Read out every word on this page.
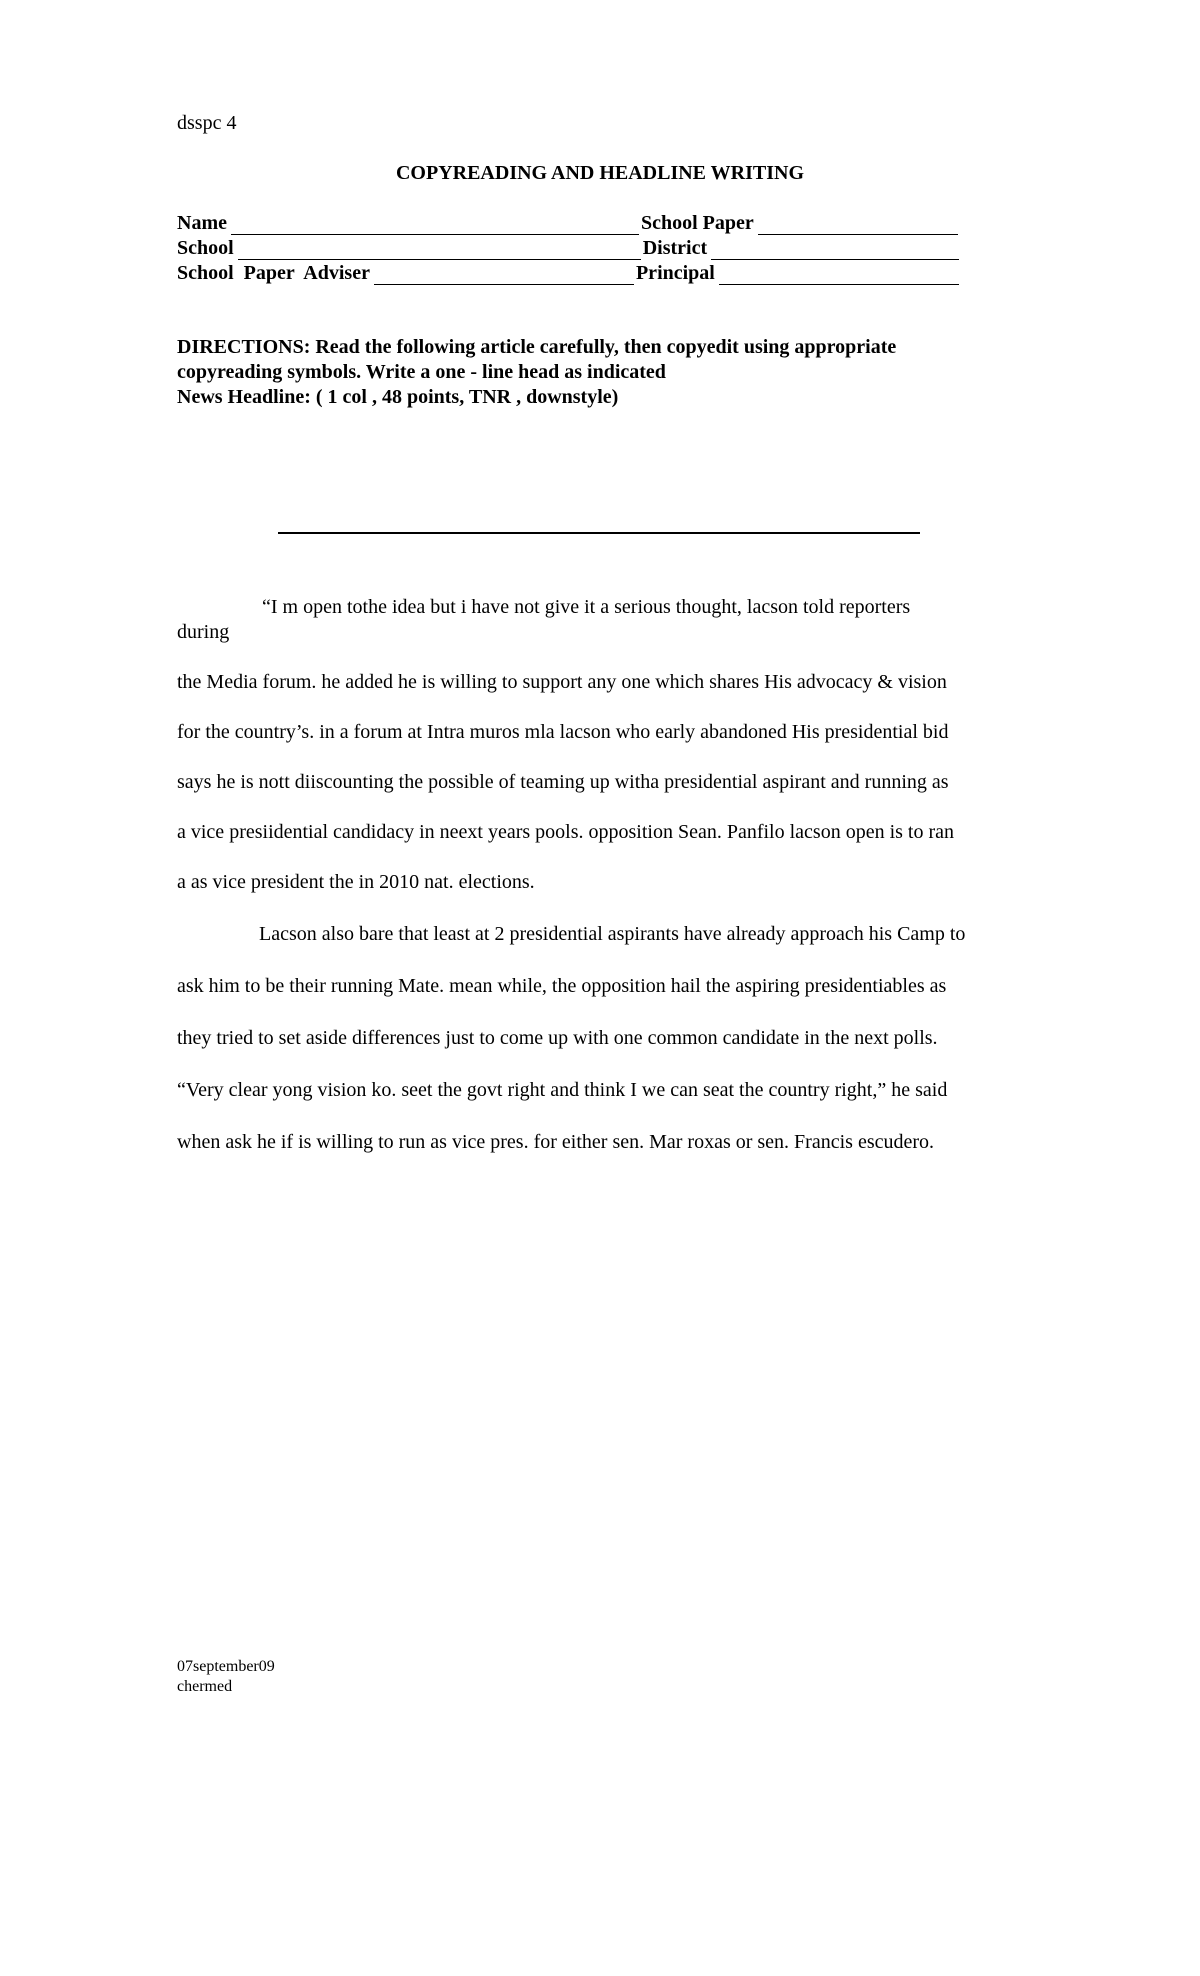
dsspc 4
COPYREADING AND HEADLINE WRITING
Name	School Paper
School	District
School  Paper  Adviser	Principal
DIRECTIONS: Read the following article carefully, then copyedit using appropriate
copyreading symbols. Write a one - line head as indicated
News Headline: ( 1 col , 48 points, TNR , downstyle)
“I m open tothe idea but i have not give it a serious thought, lacson told reporters
during
the Media forum. he added he is willing to support any one which shares His advocacy & vision
for the country’s. in a forum at Intra muros mla lacson who early abandoned His presidential bid
says he is nott diiscounting the possible of teaming up witha presidential aspirant and running as
a vice presiidential candidacy in neext years pools. opposition Sean. Panfilo lacson open is to ran
a as vice president the in 2010 nat. elections.
Lacson also bare that least at 2 presidential aspirants have already approach his Camp to
ask him to be their running Mate. mean while, the opposition hail the aspiring presidentiables as
they tried to set aside differences just to come up with one common candidate in the next polls.
“Very clear yong vision ko. seet the govt right and think I we can seat the country right,” he said
when ask he if is willing to run as vice pres. for either sen. Mar roxas or sen. Francis escudero.
07september09
chermed
